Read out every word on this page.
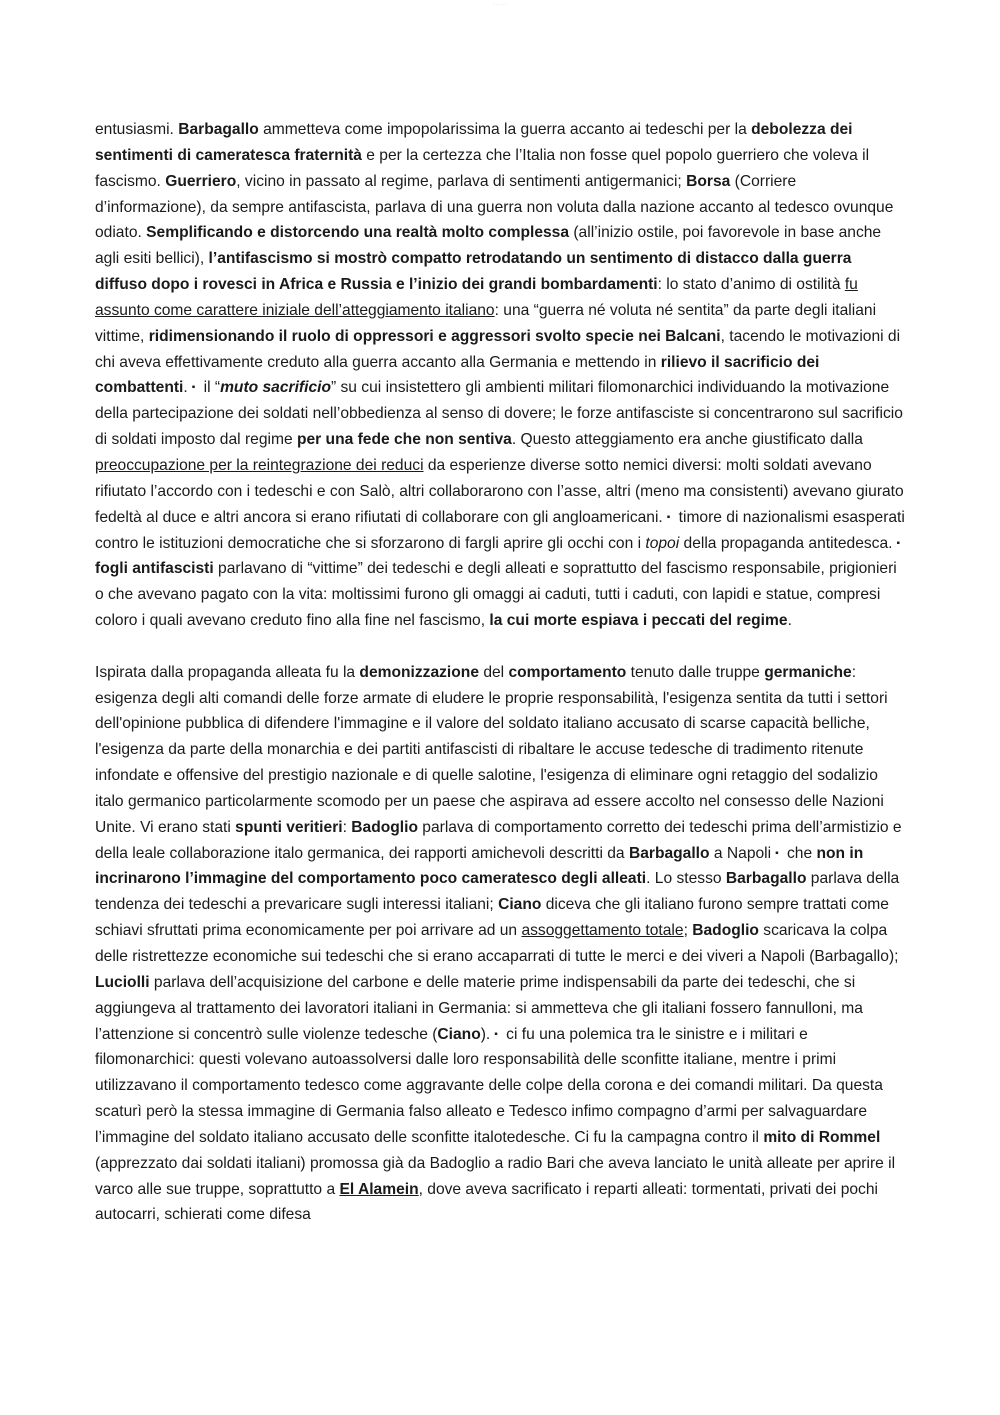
· · · · ·

entusiasmi. Barbagallo ammetteva come impopolarissima la guerra accanto ai tedeschi per la debolezza dei sentimenti di cameratesca fraternità e per la certezza che l’Italia non fosse quel popolo guerriero che voleva il fascismo. Guerriero, vicino in passato al regime, parlava di sentimenti antigermanici; Borsa (Corriere d’informazione), da sempre antifascista, parlava di una guerra non voluta dalla nazione accanto al tedesco ovunque odiato. Semplificando e distorcendo una realtà molto complessa (all’inizio ostile, poi favorevole in base anche agli esiti bellici), l’antifascismo si mostrò compatto retrodatando un sentimento di distacco dalla guerra diffuso dopo i rovesci in Africa e Russia e l’inizio dei grandi bombardamenti: lo stato d’animo di ostilità fu assunto come carattere iniziale dell’atteggiamento italiano: una “guerra né voluta né sentita” da parte degli italiani vittime, ridimensionando il ruolo di oppressori e aggressori svolto specie nei Balcani, tacendo le motivazioni di chi aveva effettivamente creduto alla guerra accanto alla Germania e mettendo in rilievo il sacrificio dei combattenti. ▪ il “muto sacrificio” su cui insistettero gli ambienti militari filomonarchici individuando la motivazione della partecipazione dei soldati nell’obbedienza al senso di dovere; le forze antifasciste si concentrarono sul sacrificio di soldati imposto dal regime per una fede che non sentiva. Questo atteggiamento era anche giustificato dalla preoccupazione per la reintegrazione dei reduci da esperienze diverse sotto nemici diversi: molti soldati avevano rifiutato l’accordo con i tedeschi e con Salò, altri collaborarono con l’asse, altri (meno ma consistenti) avevano giurato fedeltà al duce e altri ancora si erano rifiutati di collaborare con gli angloamericani. ▪ timore di nazionalismi esasperati contro le istituzioni democratiche che si sforzarono di fargli aprire gli occhi con i topoi della propaganda antitedesca. ▪ fogli antifascisti parlavano di “vittime” dei tedeschi e degli alleati e soprattutto del fascismo responsabile, prigionieri o che avevano pagato con la vita: moltissimi furono gli omaggi ai caduti, tutti i caduti, con lapidi e statue, compresi coloro i quali avevano creduto fino alla fine nel fascismo, la cui morte espiava i peccati del regime.

Ispirata dalla propaganda alleata fu la demonizzazione del comportamento tenuto dalle truppe germaniche: esigenza degli alti comandi delle forze armate di eludere le proprie responsabilità, l'esigenza sentita da tutti i settori dell'opinione pubblica di difendere l'immagine e il valore del soldato italiano accusato di scarse capacità belliche, l'esigenza da parte della monarchia e dei partiti antifascisti di ribaltare le accuse tedesche di tradimento ritenute infondate e offensive del prestigio nazionale e di quelle salotine, l'esigenza di eliminare ogni retaggio del sodalizio italo germanico particolarmente scomodo per un paese che aspirava ad essere accolto nel consesso delle Nazioni Unite. Vi erano stati spunti veritieri: Badoglio parlava di comportamento corretto dei tedeschi prima dell’armistizio e della leale collaborazione italo germanica, dei rapporti amichevoli descritti da Barbagallo a Napoli ▪ che non in incrinarono l’immagine del comportamento poco cameratesco degli alleati. Lo stesso Barbagallo parlava della tendenza dei tedeschi a prevaricare sugli interessi italiani; Ciano diceva che gli italiano furono sempre trattati come schiavi sfruttati prima economicamente per poi arrivare ad un assoggettamento totale; Badoglio scaricava la colpa delle ristrettezze economiche sui tedeschi che si erano accaparrati di tutte le merci e dei viveri a Napoli (Barbagallo); Luciolli parlava dell’acquisizione del carbone e delle materie prime indispensabili da parte dei tedeschi, che si aggiungeva al trattamento dei lavoratori italiani in Germania: si ammetteva che gli italiani fossero fannulloni, ma l’attenzione si concentrò sulle violenze tedesche (Ciano). ▪ ci fu una polemica tra le sinistre e i militari e filomonarchici: questi volevano autoassolversi dalle loro responsabilità delle sconfitte italiane, mentre i primi utilizzavano il comportamento tedesco come aggravante delle colpe della corona e dei comandi militari. Da questa scaturì però la stessa immagine di Germania falso alleato e Tedesco infimo compagno d’armi per salvaguardare l’immagine del soldato italiano accusato delle sconfitte italotedesche. Ci fu la campagna contro il mito di Rommel (apprezzato dai soldati italiani) promossa già da Badoglio a radio Bari che aveva lanciato le unità alleate per aprire il varco alle sue truppe, soprattutto a El Alamein, dove aveva sacrificato i reparti alleati: tormentati, privati dei pochi autocarri, schierati come difesa
